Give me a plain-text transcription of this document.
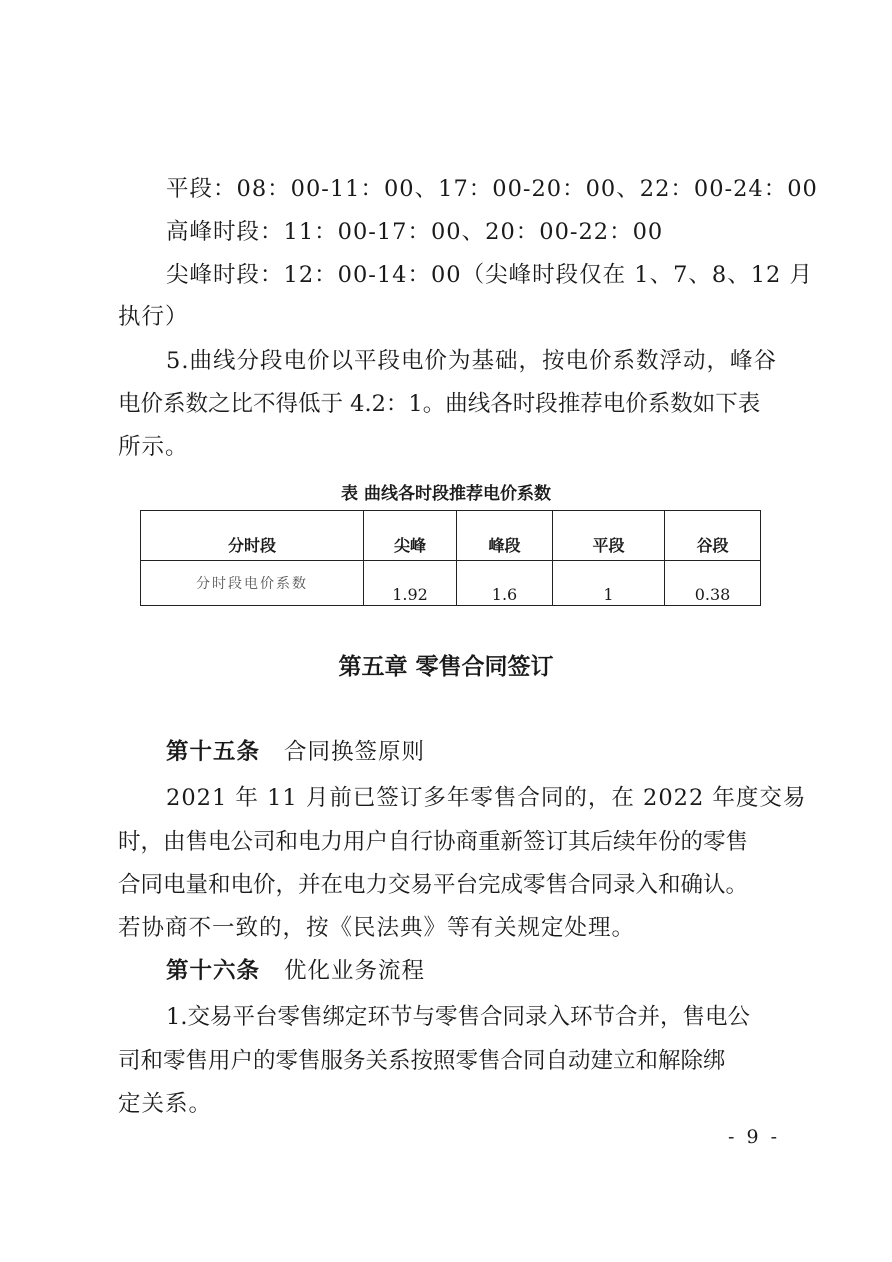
平段：08：00-11：00、17：00-20：00、22：00-24：00
高峰时段：11：00-17：00、20：00-22：00
尖峰时段：12：00-14：00（尖峰时段仅在 1、7、8、12 月
执行）
5.曲线分段电价以平段电价为基础，按电价系数浮动，峰谷
电价系数之比不得低于 4.2：1。曲线各时段推荐电价系数如下表
所示。
表 曲线各时段推荐电价系数
分时段	尖峰	峰段	平段	谷段
分时段电价系数	1.92	1.6	1	0.38
第五章 零售合同签订
第十五条 合同换签原则
2021 年 11 月前已签订多年零售合同的，在 2022 年度交易
时，由售电公司和电力用户自行协商重新签订其后续年份的零售
合同电量和电价，并在电力交易平台完成零售合同录入和确认。
若协商不一致的，按《民法典》等有关规定处理。
第十六条 优化业务流程
1.交易平台零售绑定环节与零售合同录入环节合并，售电公
司和零售用户的零售服务关系按照零售合同自动建立和解除绑
定关系。
- 9 -
